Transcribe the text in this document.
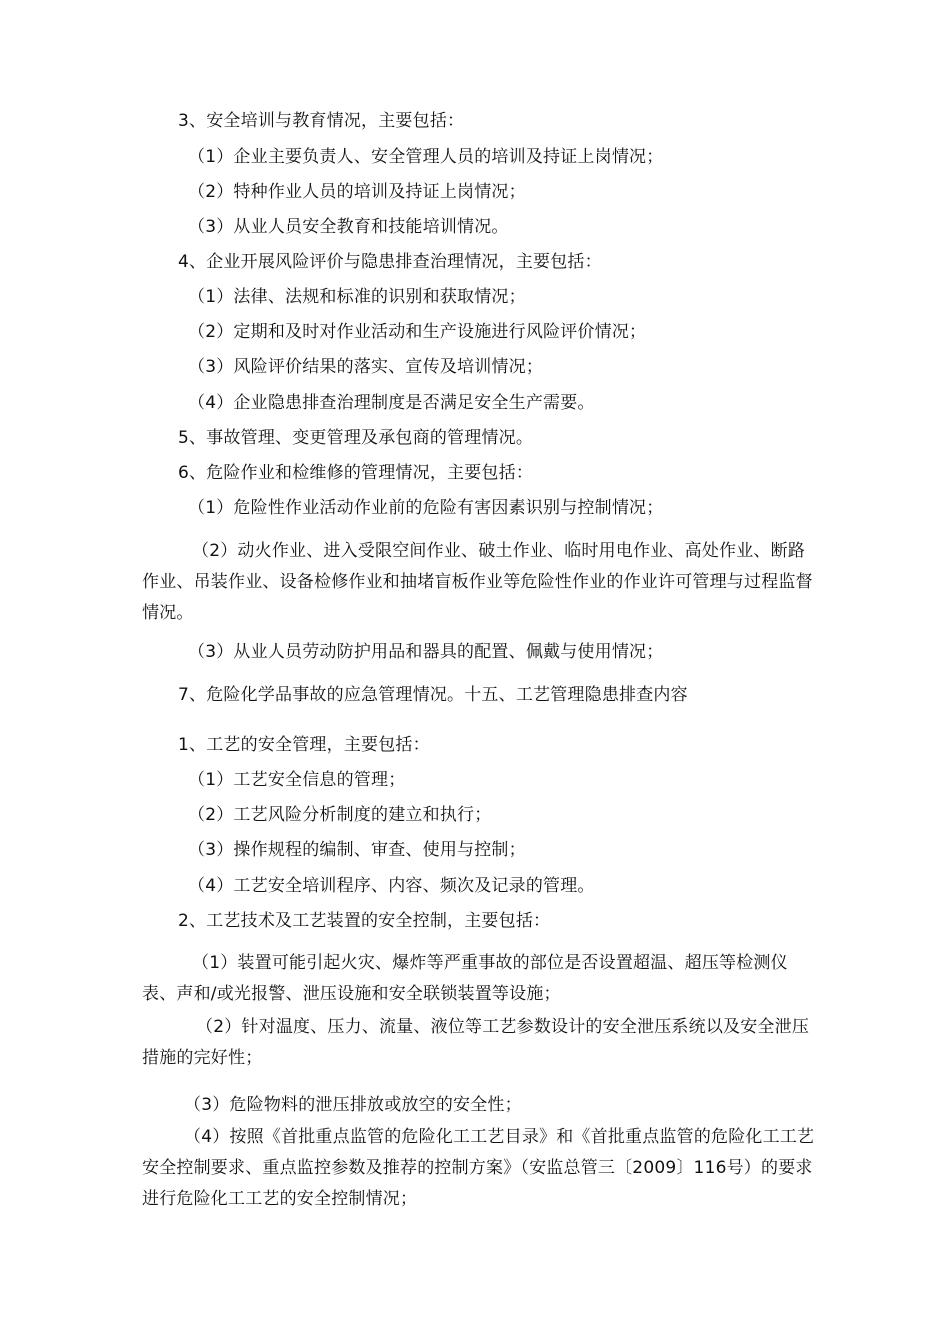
3、安全培训与教育情况，主要包括：
（1）企业主要负责人、安全管理人员的培训及持证上岗情况；
（2）特种作业人员的培训及持证上岗情况；
（3）从业人员安全教育和技能培训情况。
4、企业开展风险评价与隐患排查治理情况，主要包括：
（1）法律、法规和标准的识别和获取情况；
（2）定期和及时对作业活动和生产设施进行风险评价情况；
（3）风险评价结果的落实、宣传及培训情况；
（4）企业隐患排查治理制度是否满足安全生产需要。
5、事故管理、变更管理及承包商的管理情况。
6、危险作业和检维修的管理情况，主要包括：
（1）危险性作业活动作业前的危险有害因素识别与控制情况；
（2）动火作业、进入受限空间作业、破土作业、临时用电作业、高处作业、断路作业、吊装作业、设备检修作业和抽堵盲板作业等危险性作业的作业许可管理与过程监督情况。
（3）从业人员劳动防护用品和器具的配置、佩戴与使用情况；
7、危险化学品事故的应急管理情况。十五、工艺管理隐患排查内容
1、工艺的安全管理，主要包括：
（1）工艺安全信息的管理；
（2）工艺风险分析制度的建立和执行；
（3）操作规程的编制、审查、使用与控制；
（4）工艺安全培训程序、内容、频次及记录的管理。
2、工艺技术及工艺装置的安全控制，主要包括：
（1）装置可能引起火灾、爆炸等严重事故的部位是否设置超温、超压等检测仪表、声和/或光报警、泄压设施和安全联锁装置等设施；
（2）针对温度、压力、流量、液位等工艺参数设计的安全泄压系统以及安全泄压措施的完好性；
（3）危险物料的泄压排放或放空的安全性；
（4）按照《首批重点监管的危险化工工艺目录》和《首批重点监管的危险化工工艺安全控制要求、重点监控参数及推荐的控制方案》（安监总管三〔2009〕116号）的要求进行危险化工工艺的安全控制情况；
